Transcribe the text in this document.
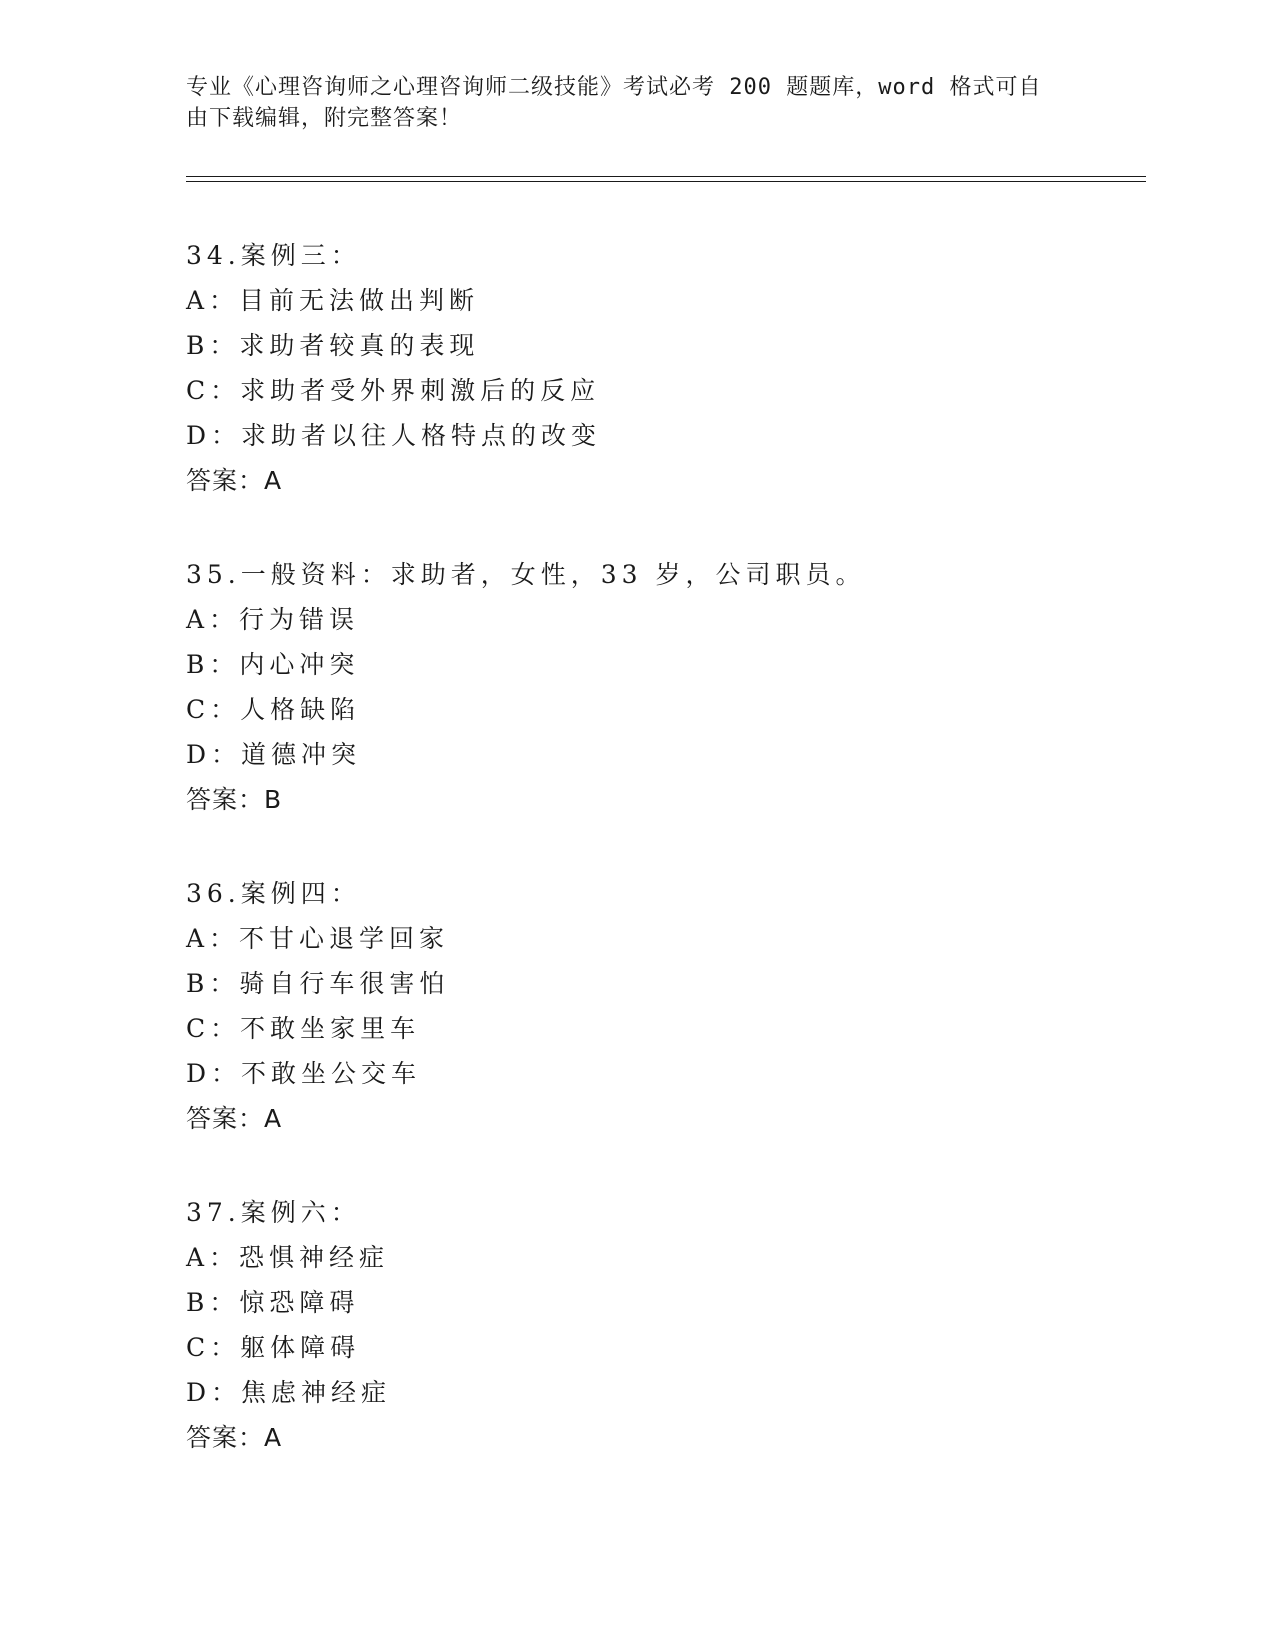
专业《心理咨询师之心理咨询师二级技能》考试必考 200 题题库，word 格式可自
由下载编辑，附完整答案！
34.案例三：
A：目前无法做出判断
B：求助者较真的表现
C：求助者受外界刺激后的反应
D：求助者以往人格特点的改变
答案：A
35.一般资料：求助者，女性，33 岁，公司职员。
A：行为错误
B：内心冲突
C：人格缺陷
D：道德冲突
答案：B
36.案例四：
A：不甘心退学回家
B：骑自行车很害怕
C：不敢坐家里车
D：不敢坐公交车
答案：A
37.案例六：
A：恐惧神经症
B：惊恐障碍
C：躯体障碍
D：焦虑神经症
答案：A
